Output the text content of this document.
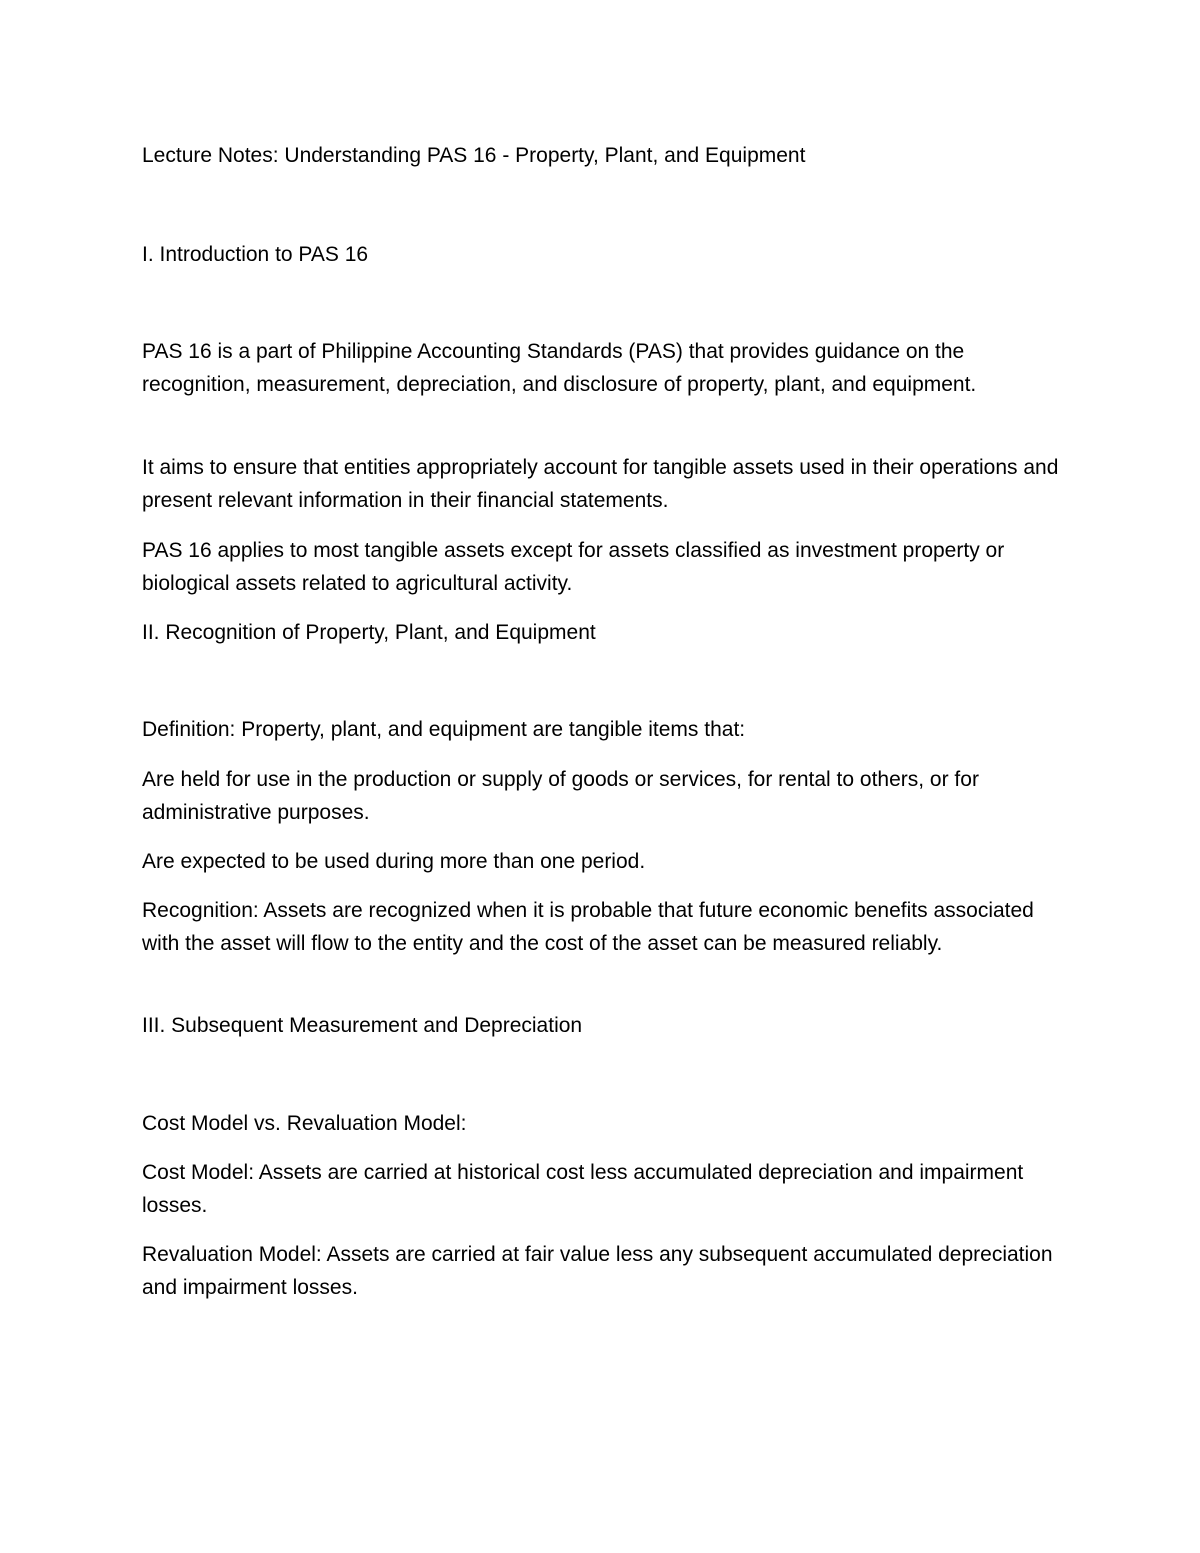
Lecture Notes: Understanding PAS 16 - Property, Plant, and Equipment

I. Introduction to PAS 16

PAS 16 is a part of Philippine Accounting Standards (PAS) that provides guidance on the recognition, measurement, depreciation, and disclosure of property, plant, and equipment.

It aims to ensure that entities appropriately account for tangible assets used in their operations and present relevant information in their financial statements.

PAS 16 applies to most tangible assets except for assets classified as investment property or biological assets related to agricultural activity.

II. Recognition of Property, Plant, and Equipment

Definition: Property, plant, and equipment are tangible items that:

Are held for use in the production or supply of goods or services, for rental to others, or for administrative purposes.

Are expected to be used during more than one period.

Recognition: Assets are recognized when it is probable that future economic benefits associated with the asset will flow to the entity and the cost of the asset can be measured reliably.

III. Subsequent Measurement and Depreciation

Cost Model vs. Revaluation Model:

Cost Model: Assets are carried at historical cost less accumulated depreciation and impairment losses.

Revaluation Model: Assets are carried at fair value less any subsequent accumulated depreciation and impairment losses.
